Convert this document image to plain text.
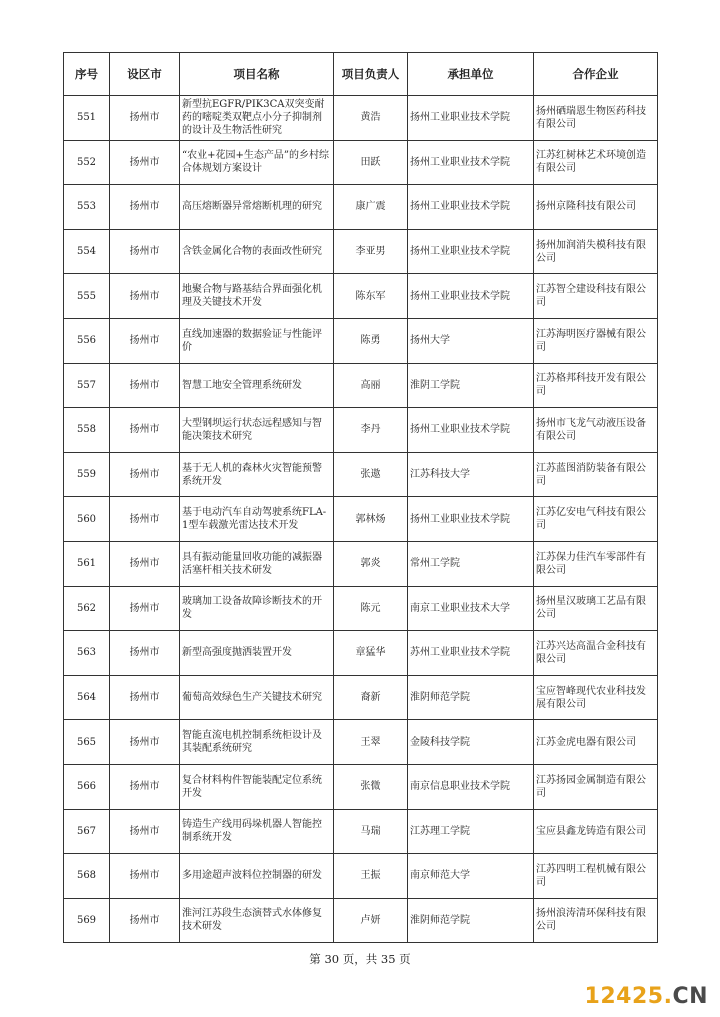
序号	设区市	项目名称	项目负责人	承担单位	合作企业
551	扬州市	新型抗EGFR/PIK3CA双突变耐药的嘧啶类双靶点小分子抑制剂的设计及生物活性研究	黄浩	扬州工业职业技术学院	扬州硒瑞恩生物医药科技有限公司
552	扬州市	“农业+花园+生态产品”的乡村综合体规划方案设计	田跃	扬州工业职业技术学院	江苏红树林艺术环境创造有限公司
553	扬州市	高压熔断器异常熔断机理的研究	康广震	扬州工业职业技术学院	扬州京隆科技有限公司
554	扬州市	含铁金属化合物的表面改性研究	李亚男	扬州工业职业技术学院	扬州加润消失模科技有限公司
555	扬州市	地聚合物与路基结合界面强化机理及关键技术开发	陈东军	扬州工业职业技术学院	江苏智仝建设科技有限公司
556	扬州市	直线加速器的数据验证与性能评价	陈勇	扬州大学	江苏海明医疗器械有限公司
557	扬州市	智慧工地安全管理系统研发	高丽	淮阴工学院	江苏格邦科技开发有限公司
558	扬州市	大型钢坝运行状态远程感知与智能决策技术研究	李丹	扬州工业职业技术学院	扬州市飞龙气动液压设备有限公司
559	扬州市	基于无人机的森林火灾智能预警系统开发	张遨	江苏科技大学	江苏蓝图消防装备有限公司
560	扬州市	基于电动汽车自动驾驶系统FLA-1型车载激光雷达技术开发	郭林炀	扬州工业职业技术学院	江苏亿安电气科技有限公司
561	扬州市	具有振动能量回收功能的减振器活塞杆相关技术研发	郭炎	常州工学院	江苏保力佳汽车零部件有限公司
562	扬州市	玻璃加工设备故障诊断技术的开发	陈元	南京工业职业技术大学	扬州星汉玻璃工艺品有限公司
563	扬州市	新型高强度抛洒装置开发	章猛华	苏州工业职业技术学院	江苏兴达高温合金科技有限公司
564	扬州市	葡萄高效绿色生产关键技术研究	裔新	淮阴师范学院	宝应智峰现代农业科技发展有限公司
565	扬州市	智能直流电机控制系统柜设计及其装配系统研究	王翠	金陵科技学院	江苏金虎电器有限公司
566	扬州市	复合材料构件智能装配定位系统开发	张微	南京信息职业技术学院	江苏扬园金属制造有限公司
567	扬州市	铸造生产线用码垛机器人智能控制系统开发	马瑞	江苏理工学院	宝应县鑫龙铸造有限公司
568	扬州市	多用途超声波料位控制器的研发	王振	南京师范大学	江苏四明工程机械有限公司
569	扬州市	淮河江苏段生态演替式水体修复技术研发	卢妍	淮阴师范学院	扬州浪涛清环保科技有限公司
第 30 页，共 35 页
12425.CN
